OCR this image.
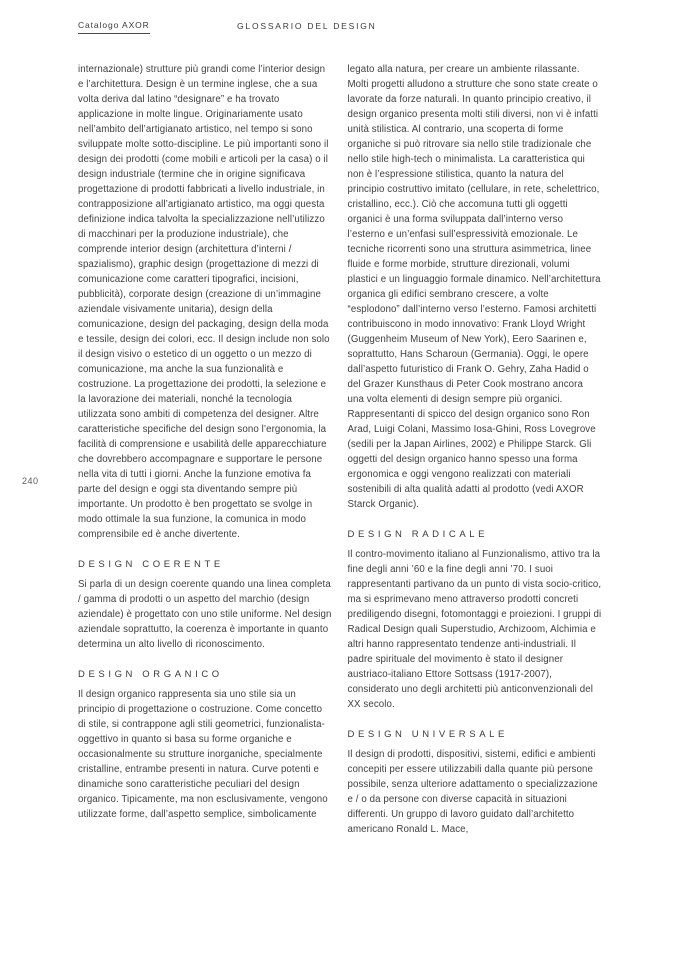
Catalogo AXOR	GLOSSARIO DEL DESIGN
240

internazionale) strutture più grandi come l’interior design e l’architettura. Design è un termine inglese, che a sua volta deriva dal latino “designare” e ha trovato applicazione in molte lingue. Originariamente usato nell’ambito dell’artigianato artistico, nel tempo si sono sviluppate molte sotto-discipline. Le più importanti sono il design dei prodotti (come mobili e articoli per la casa) o il design industriale (termine che in origine significava progettazione di prodotti fabbricati a livello industriale, in contrapposizione all’artigianato artistico, ma oggi questa definizione indica talvolta la specializzazione nell’utilizzo di macchinari per la produzione industriale), che comprende interior design (architettura d’interni / spazialismo), graphic design (progettazione di mezzi di comunicazione come caratteri tipografici, incisioni, pubblicità), corporate design (creazione di un’immagine aziendale visivamente unitaria), design della comunicazione, design del packaging, design della moda e tessile, design dei colori, ecc. Il design include non solo il design visivo o estetico di un oggetto o un mezzo di comunicazione, ma anche la sua funzionalità e costruzione. La progettazione dei prodotti, la selezione e la lavorazione dei materiali, nonché la tecnologia utilizzata sono ambiti di competenza del designer. Altre caratteristiche specifiche del design sono l’ergonomia, la facilità di comprensione e usabilità delle apparecchiature che dovrebbero accompagnare e supportare le persone nella vita di tutti i giorni. Anche la funzione emotiva fa parte del design e oggi sta diventando sempre più importante. Un prodotto è ben progettato se svolge in modo ottimale la sua funzione, la comunica in modo comprensibile ed è anche divertente.

DESIGN COERENTE

Si parla di un design coerente quando una linea completa / gamma di prodotti o un aspetto del marchio (design aziendale) è progettato con uno stile uniforme. Nel design aziendale soprattutto, la coerenza è importante in quanto determina un alto livello di riconoscimento.

DESIGN ORGANICO

Il design organico rappresenta sia uno stile sia un principio di progettazione o costruzione. Come concetto di stile, si contrappone agli stili geometrici, funzionalista-oggettivo in quanto si basa su forme organiche e occasionalmente su strutture inorganiche, specialmente cristalline, entrambe presenti in natura. Curve potenti e dinamiche sono caratteristiche peculiari del design organico. Tipicamente, ma non esclusivamente, vengono utilizzate forme, dall’aspetto semplice, simbolicamente

legato alla natura, per creare un ambiente rilassante. Molti progetti alludono a strutture che sono state create o lavorate da forze naturali. In quanto principio creativo, il design organico presenta molti stili diversi, non vi è infatti unità stilistica. Al contrario, una scoperta di forme organiche si può ritrovare sia nello stile tradizionale che nello stile high-tech o minimalista. La caratteristica qui non è l’espressione stilistica, quanto la natura del principio costruttivo imitato (cellulare, in rete, schelettrico, cristallino, ecc.). Ciò che accomuna tutti gli oggetti organici è una forma sviluppata dall’interno verso l’esterno e un’enfasi sull’espressività emozionale. Le tecniche ricorrenti sono una struttura asimmetrica, linee fluide e forme morbide, strutture direzionali, volumi plastici e un linguaggio formale dinamico. Nell’architettura organica gli edifici sembrano crescere, a volte “esplodono” dall’interno verso l’esterno. Famosi architetti contribuiscono in modo innovativo: Frank Lloyd Wright (Guggenheim Museum of New York), Eero Saarinen e, soprattutto, Hans Scharoun (Germania). Oggi, le opere dall’aspetto futuristico di Frank O. Gehry, Zaha Hadid o del Grazer Kunsthaus di Peter Cook mostrano ancora una volta elementi di design sempre più organici. Rappresentanti di spicco del design organico sono Ron Arad, Luigi Colani, Massimo Iosa-Ghini, Ross Lovegrove (sedili per la Japan Airlines, 2002) e Philippe Starck. Gli oggetti del design organico hanno spesso una forma ergonomica e oggi vengono realizzati con materiali sostenibili di alta qualità adatti al prodotto (vedi AXOR Starck Organic).

DESIGN RADICALE

Il contro-movimento italiano al Funzionalismo, attivo tra la fine degli anni ’60 e la fine degli anni ’70. I suoi rappresentanti partivano da un punto di vista socio-critico, ma si esprimevano meno attraverso prodotti concreti prediligendo disegni, fotomontaggi e proiezioni. I gruppi di Radical Design quali Superstudio, Archizoom, Alchimia e altri hanno rappresentato tendenze anti-industriali. Il padre spirituale del movimento è stato il designer austriaco-italiano Ettore Sottsass (1917-2007), considerato uno degli architetti più anticonvenzionali del XX secolo.

DESIGN UNIVERSALE

Il design di prodotti, dispositivi, sistemi, edifici e ambienti concepiti per essere utilizzabili dalla quante più persone possibile, senza ulteriore adattamento o specializzazione e / o da persone con diverse capacità in situazioni differenti. Un gruppo di lavoro guidato dall’architetto americano Ronald L. Mace,
